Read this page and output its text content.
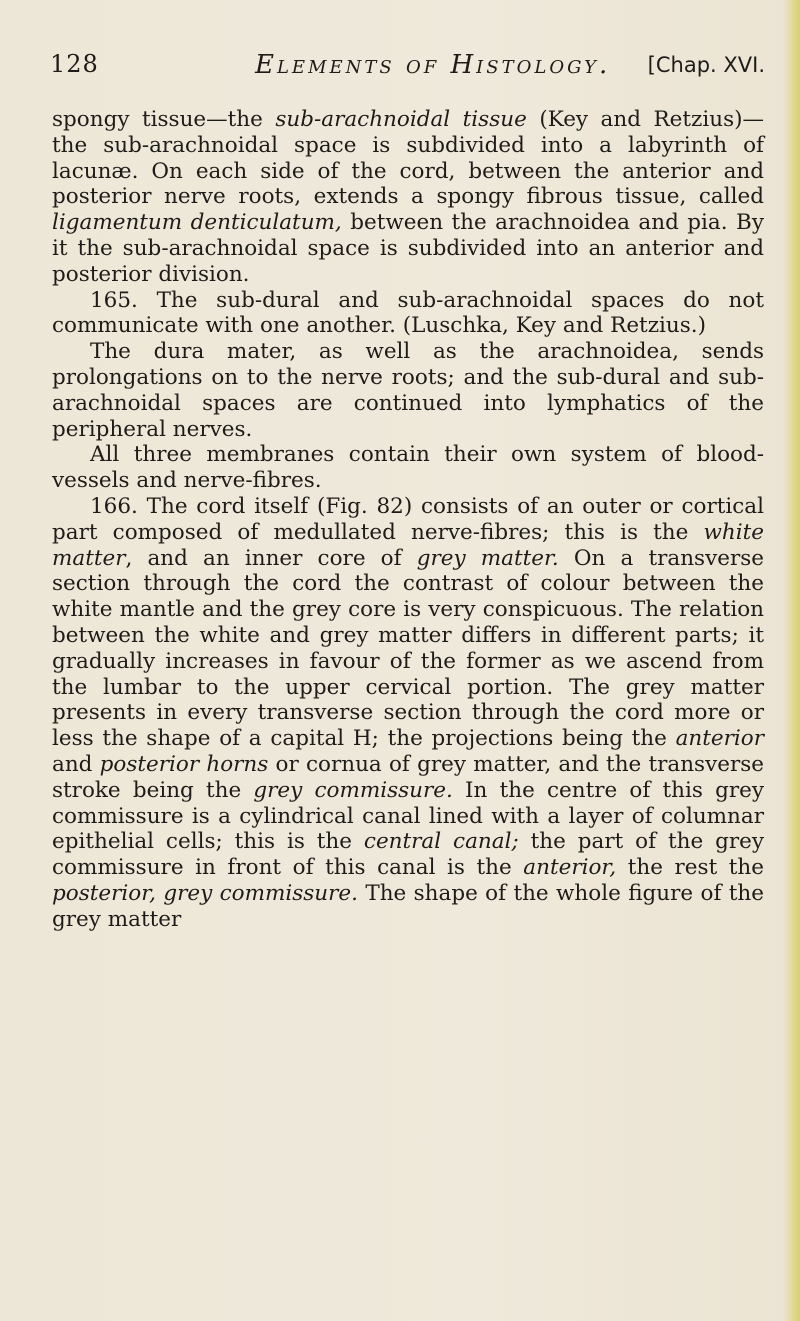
128	Elements of Histology. [Chap. XVI.

spongy tissue—the sub-arachnoidal tissue (Key and Retzius)—the sub-arachnoidal space is subdivided into a labyrinth of lacunæ. On each side of the cord, between the anterior and posterior nerve roots, extends a spongy fibrous tissue, called ligamentum denticulatum, between the arachnoidea and pia. By it the sub-arachnoidal space is subdivided into an anterior and posterior division.

165. The sub-dural and sub-arachnoidal spaces do not communicate with one another. (Luschka, Key and Retzius.)

The dura mater, as well as the arachnoidea, sends prolongations on to the nerve roots; and the sub-dural and sub-arachnoidal spaces are continued into lymphatics of the peripheral nerves.

All three membranes contain their own system of blood-vessels and nerve-fibres.

166. The cord itself (Fig. 82) consists of an outer or cortical part composed of medullated nerve-fibres; this is the white matter, and an inner core of grey matter. On a transverse section through the cord the contrast of colour between the white mantle and the grey core is very conspicuous. The relation between the white and grey matter differs in different parts; it gradually increases in favour of the former as we ascend from the lumbar to the upper cervical portion. The grey matter presents in every transverse section through the cord more or less the shape of a capital H; the projections being the anterior and posterior horns or cornua of grey matter, and the transverse stroke being the grey commissure. In the centre of this grey commissure is a cylindrical canal lined with a layer of columnar epithelial cells; this is the central canal; the part of the grey commissure in front of this canal is the anterior, the rest the posterior, grey commissure. The shape of the whole figure of the grey matter
